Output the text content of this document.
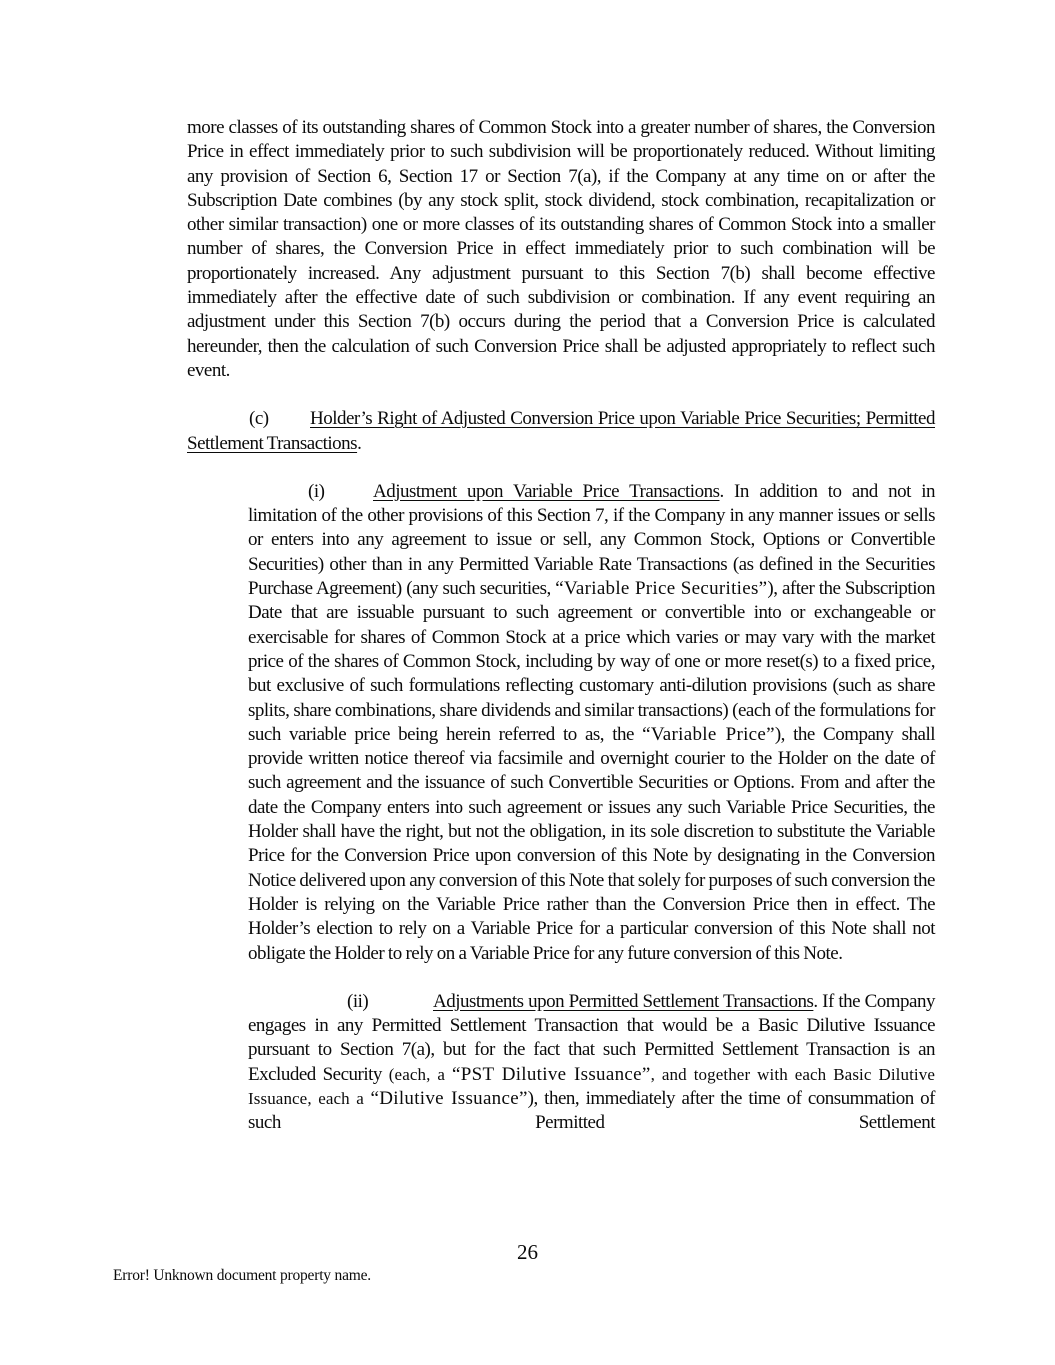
more classes of its outstanding shares of Common Stock into a greater number of shares, the Conversion Price in effect immediately prior to such subdivision will be proportionately reduced. Without limiting any provision of Section 6, Section 17 or Section 7(a), if the Company at any time on or after the Subscription Date combines (by any stock split, stock dividend, stock combination, recapitalization or other similar transaction) one or more classes of its outstanding shares of Common Stock into a smaller number of shares, the Conversion Price in effect immediately prior to such combination will be proportionately increased. Any adjustment pursuant to this Section 7(b) shall become effective immediately after the effective date of such subdivision or combination. If any event requiring an adjustment under this Section 7(b) occurs during the period that a Conversion Price is calculated hereunder, then the calculation of such Conversion Price shall be adjusted appropriately to reflect such event.

(c) Holder’s Right of Adjusted Conversion Price upon Variable Price Securities; Permitted Settlement Transactions.

(i)	Adjustment upon Variable Price Transactions. In addition to and not in limitation of the other provisions of this Section 7, if the Company in any manner issues or sells or enters into any agreement to issue or sell, any Common Stock, Options or Convertible Securities) other than in any Permitted Variable Rate Transactions (as defined in the Securities Purchase Agreement) (any such securities, “Variable Price Securities”), after the Subscription Date that are issuable pursuant to such agreement or convertible into or exchangeable or exercisable for shares of Common Stock at a price which varies or may vary with the market price of the shares of Common Stock, including by way of one or more reset(s) to a fixed price, but exclusive of such formulations reflecting customary anti-dilution provisions (such as share splits, share combinations, share dividends and similar transactions) (each of the formulations for such variable price being herein referred to as, the “Variable Price”), the Company shall provide written notice thereof via facsimile and overnight courier to the Holder on the date of such agreement and the issuance of such Convertible Securities or Options. From and after the date the Company enters into such agreement or issues any such Variable Price Securities, the Holder shall have the right, but not the obligation, in its sole discretion to substitute the Variable Price for the Conversion Price upon conversion of this Note by designating in the Conversion Notice delivered upon any conversion of this Note that solely for purposes of such conversion the Holder is relying on the Variable Price rather than the Conversion Price then in effect. The Holder’s election to rely on a Variable Price for a particular conversion of this Note shall not obligate the Holder to rely on a Variable Price for any future conversion of this Note.

(ii)	Adjustments upon Permitted Settlement Transactions. If the Company engages in any Permitted Settlement Transaction that would be a Basic Dilutive Issuance pursuant to Section 7(a), but for the fact that such Permitted Settlement Transaction is an Excluded Security (each, a “PST Dilutive Issuance”, and together with each Basic Dilutive Issuance, each a “Dilutive Issuance”), then, immediately after the time of consummation of such Permitted Settlement

26
Error! Unknown document property name.
